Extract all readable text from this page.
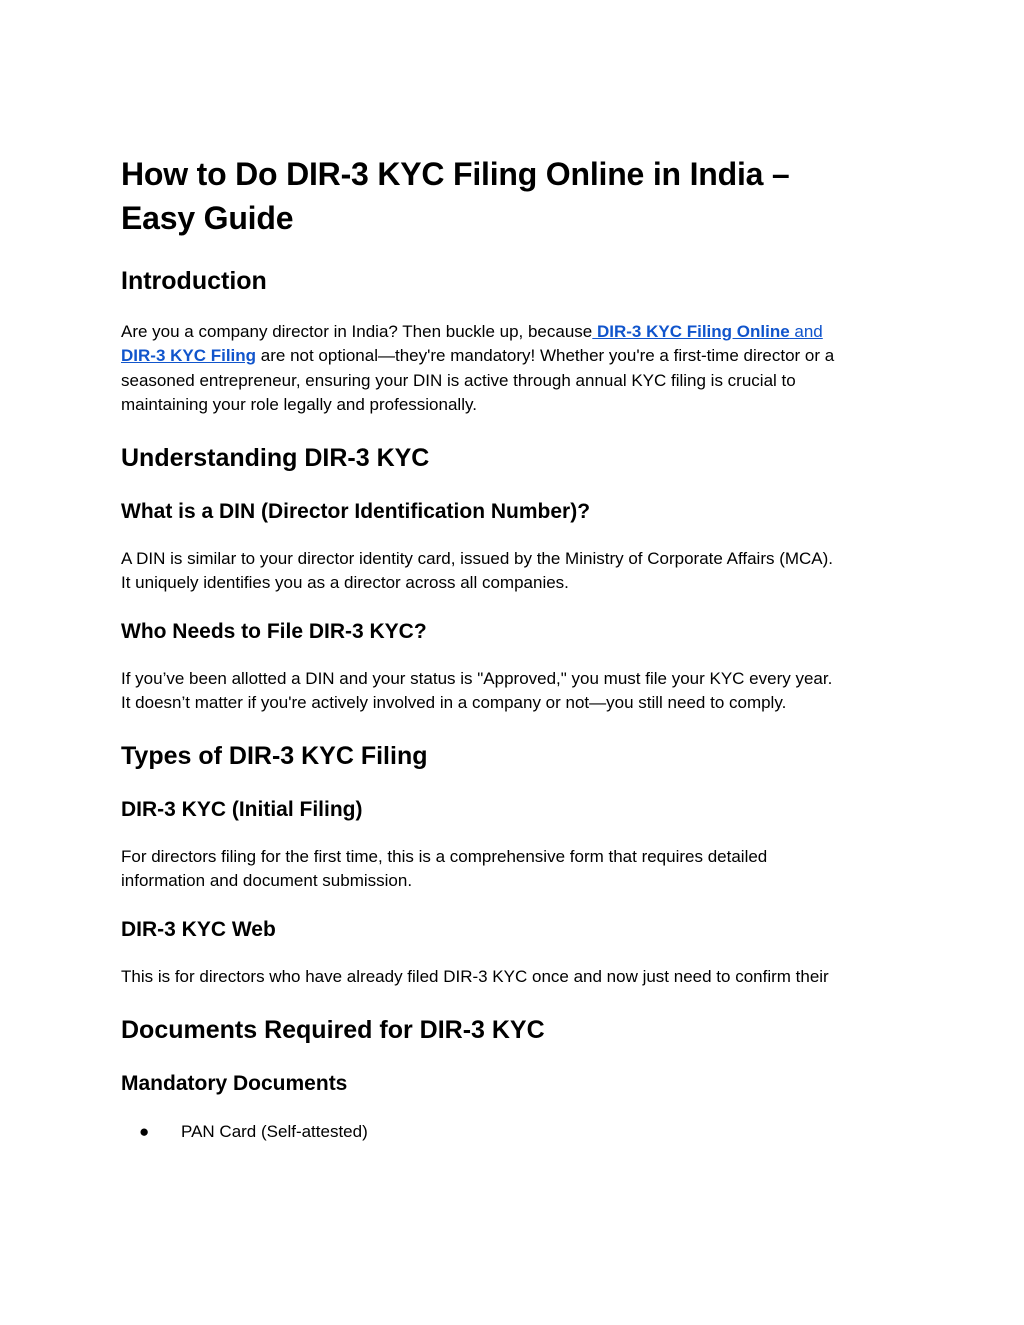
How to Do DIR-3 KYC Filing Online in India –
Easy Guide
Introduction

Are you a company director in India? Then buckle up, because DIR-3 KYC Filing Online and

DIR-3 KYC Filing are not optional—they're mandatory! Whether you're a first-time director or a

seasoned entrepreneur, ensuring your DIN is active through annual KYC filing is crucial to

maintaining your role legally and professionally.

Understanding DIR-3 KYC
What is a DIN (Director Identification Number)?

A DIN is similar to your director identity card, issued by the Ministry of Corporate Affairs (MCA).

It uniquely identifies you as a director across all companies.

Who Needs to File DIR-3 KYC?

If you’ve been allotted a DIN and your status is "Approved," you must file your KYC every year.

It doesn’t matter if you're actively involved in a company or not—you still need to comply.

Types of DIR-3 KYC Filing
DIR-3 KYC (Initial Filing)

For directors filing for the first time, this is a comprehensive form that requires detailed

information and document submission.

DIR-3 KYC Web

This is for directors who have already filed DIR-3 KYC once and now just need to confirm their

Documents Required for DIR-3 KYC
Mandatory Documents
● PAN Card (Self-attested)
